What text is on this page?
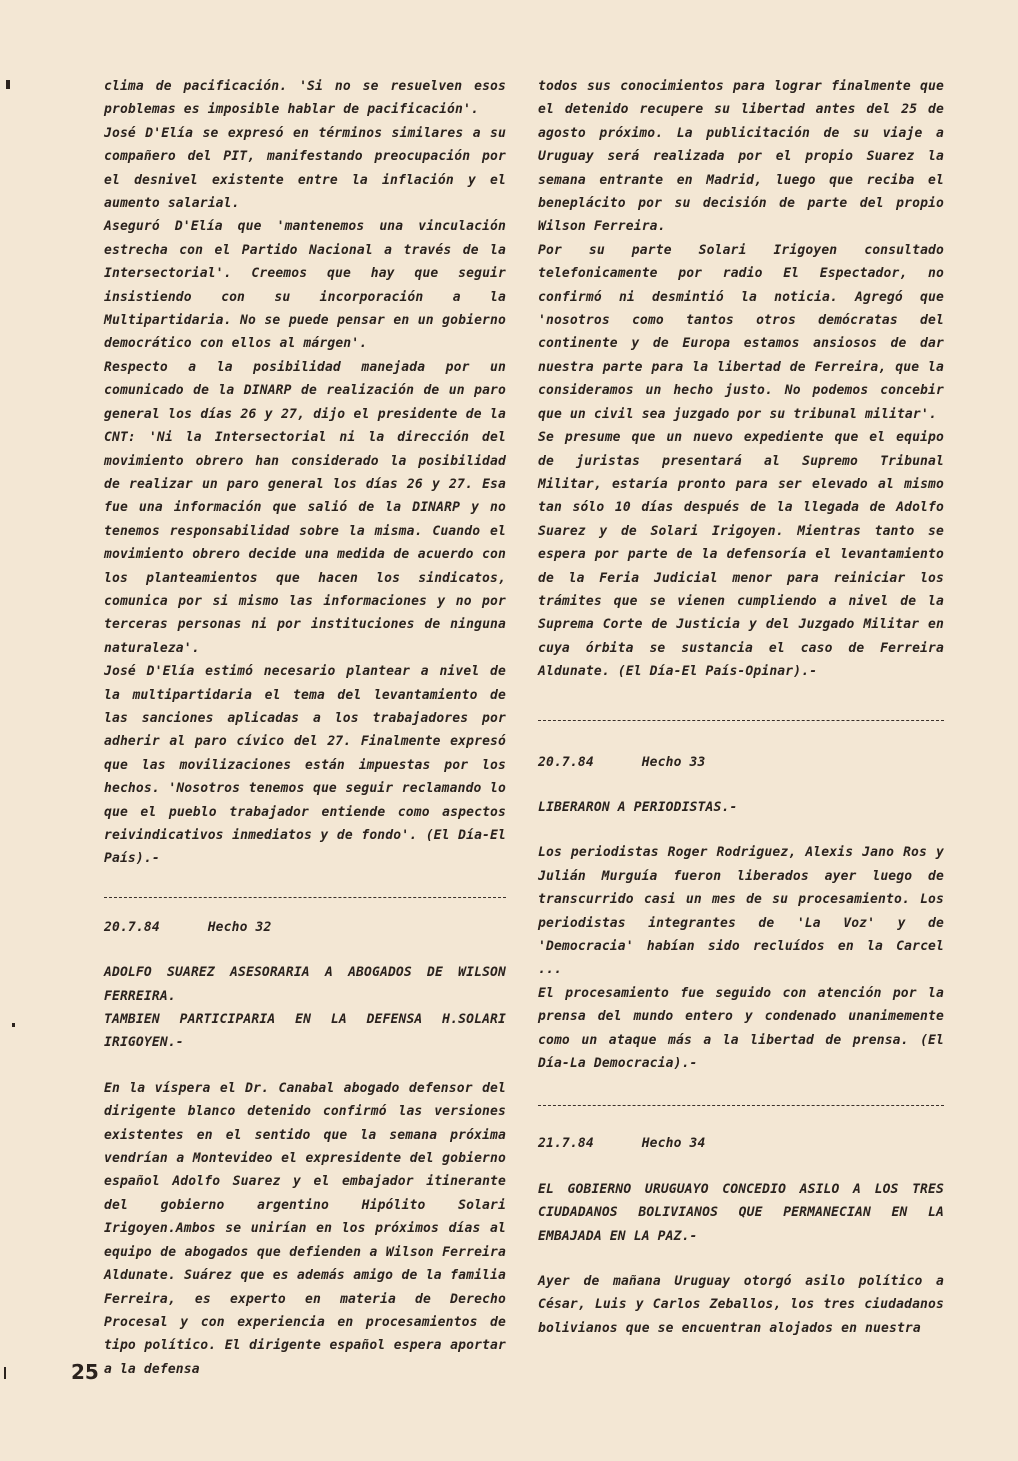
clima de pacificación. 'Si no se resuelven esos problemas es imposible hablar de pacificación'.

José D'Elía se expresó en términos similares a su compañero del PIT, manifestando preocupación por el desnivel existente entre la inflación y el aumento salarial.

Aseguró D'Elía que 'mantenemos una vinculación estrecha con el Partido Nacional a través de la Intersectorial'. Creemos que hay que seguir insistiendo con su incorporación a la Multipartidaria. No se puede pensar en un gobierno democrático con ellos al márgen'.

Respecto a la posibilidad manejada por un comunicado de la DINARP de realización de un paro general los días 26 y 27, dijo el presidente de la CNT: 'Ni la Intersectorial ni la dirección del movimiento obrero han considerado la posibilidad de realizar un paro general los días 26 y 27. Esa fue una información que salió de la DINARP y no tenemos responsabilidad sobre la misma. Cuando el movimiento obrero decide una medida de acuerdo con los planteamientos que hacen los sindicatos, comunica por si mismo las informaciones y no por terceras personas ni por instituciones de ninguna naturaleza'.

José D'Elía estimó necesario plantear a nivel de la multipartidaria el tema del levantamiento de las sanciones aplicadas a los trabajadores por adherir al paro cívico del 27. Finalmente expresó que las movilizaciones están impuestas por los hechos. 'Nosotros tenemos que seguir reclamando lo que el pueblo trabajador entiende como aspectos reivindicativos inmediatos y de fondo'. (El Día-El País).-

20.7.84      Hecho 32

ADOLFO SUAREZ ASESORARIA A ABOGADOS DE WILSON FERREIRA.

TAMBIEN PARTICIPARIA EN LA DEFENSA H.SOLARI IRIGOYEN.-

En la víspera el Dr. Canabal abogado defensor del dirigente blanco detenido confirmó las versiones existentes en el sentido que la semana próxima vendrían a Montevideo el expresidente del gobierno español Adolfo Suarez y el embajador itinerante del gobierno argentino Hipólito Solari Irigoyen.Ambos se unirían en los próximos días al equipo de abogados que defienden a Wilson Ferreira Aldunate. Suárez que es además amigo de la familia Ferreira, es experto en materia de Derecho Procesal y con experiencia en procesamientos de tipo político. El dirigente español espera aportar a la defensa

todos sus conocimientos para lograr finalmente que el detenido recupere su libertad antes del 25 de agosto próximo. La publicitación de su viaje a Uruguay será realizada por el propio Suarez la semana entrante en Madrid, luego que reciba el beneplácito por su decisión de parte del propio Wilson Ferreira.

Por su parte Solari Irigoyen consultado telefonicamente por radio El Espectador, no confirmó ni desmintió la noticia. Agregó que 'nosotros como tantos otros demócratas del continente y de Europa estamos ansiosos de dar nuestra parte para la libertad de Ferreira, que la consideramos un hecho justo. No podemos concebir que un civil sea juzgado por su tribunal militar'.

Se presume que un nuevo expediente que el equipo de juristas presentará al Supremo Tribunal Militar, estaría pronto para ser elevado al mismo tan sólo 10 días después de la llegada de Adolfo Suarez y de Solari Irigoyen. Mientras tanto se espera por parte de la defensoría el levantamiento de la Feria Judicial menor para reiniciar los trámites que se vienen cumpliendo a nivel de la Suprema Corte de Justicia y del Juzgado Militar en cuya órbita se sustancia el caso de Ferreira Aldunate. (El Día-El País-Opinar).-

20.7.84      Hecho 33

LIBERARON A PERIODISTAS.-

Los periodistas Roger Rodriguez, Alexis Jano Ros y Julián Murguía fueron liberados ayer luego de transcurrido casi un mes de su procesamiento. Los periodistas integrantes de 'La Voz' y de 'Democracia' habían sido recluídos en la Carcel ...

El procesamiento fue seguido con atención por la prensa del mundo entero y condenado unanimemente como un ataque más a la libertad de prensa. (El Día-La Democracia).-

21.7.84      Hecho 34

EL GOBIERNO URUGUAYO CONCEDIO ASILO A LOS TRES CIUDADANOS BOLIVIANOS QUE PERMANECIAN EN LA EMBAJADA EN LA PAZ.-

Ayer de mañana Uruguay otorgó asilo político a César, Luis y Carlos Zeballos, los tres ciudadanos bolivianos que se encuentran alojados en nuestra

25
